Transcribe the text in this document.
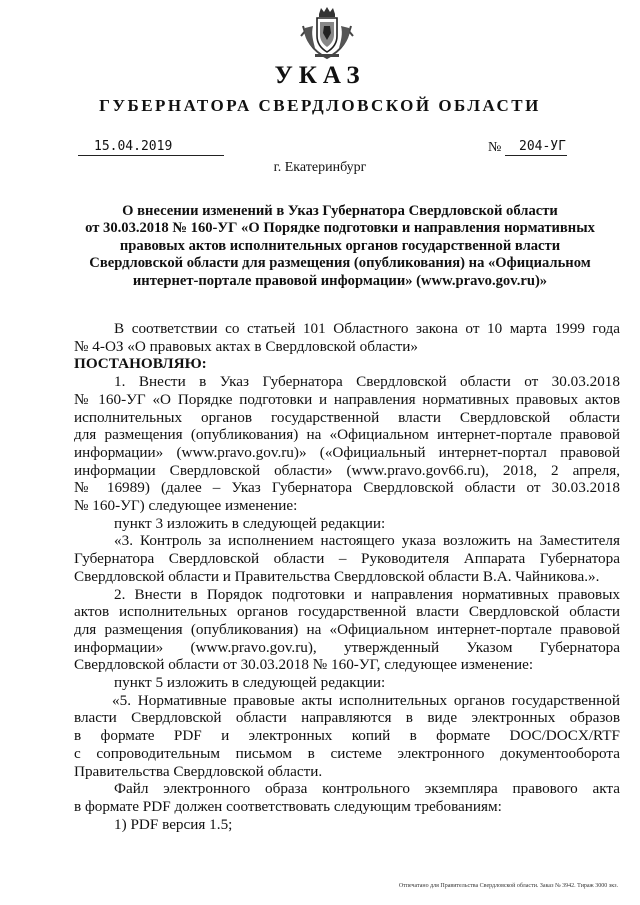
УКАЗ
ГУБЕРНАТОРА СВЕРДЛОВСКОЙ ОБЛАСТИ
15.04.2019	№	204-УГ
г. Екатеринбург
О внесении изменений в Указ Губернатора Свердловской области
от 30.03.2018 № 160-УГ «О Порядке подготовки и направления нормативных
правовых актов исполнительных органов государственной власти
Свердловской области для размещения (опубликования) на «Официальном
интернет-портале правовой информации» (www.pravo.gov.ru)»
В соответствии со статьей 101 Областного закона от 10 марта 1999 года
№ 4-ОЗ «О правовых актах в Свердловской области»
ПОСТАНОВЛЯЮ:
1. Внести в Указ Губернатора Свердловской области от 30.03.2018
№ 160-УГ «О Порядке подготовки и направления нормативных правовых актов
исполнительных органов государственной власти Свердловской области
для размещения (опубликования) на «Официальном интернет-портале правовой
информации» (www.pravo.gov.ru)» («Официальный интернет-портал правовой
информации Свердловской области» (www.pravo.gov66.ru), 2018, 2 апреля,
№ 16989) (далее – Указ Губернатора Свердловской области от 30.03.2018
№ 160-УГ) следующее изменение:
пункт 3 изложить в следующей редакции:
«3. Контроль за исполнением настоящего указа возложить на Заместителя
Губернатора Свердловской области – Руководителя Аппарата Губернатора
Свердловской области и Правительства Свердловской области В.А. Чайникова.».
2. Внести в Порядок подготовки и направления нормативных правовых
актов исполнительных органов государственной власти Свердловской области
для размещения (опубликования) на «Официальном интернет-портале правовой
информации» (www.pravo.gov.ru), утвержденный Указом Губернатора
Свердловской области от 30.03.2018 № 160-УГ, следующее изменение:
пункт 5 изложить в следующей редакции:
«5. Нормативные правовые акты исполнительных органов государственной
власти Свердловской области направляются в виде электронных образов
в формате PDF и электронных копий в формате DOC/DOCX/RTF
с сопроводительным письмом в системе электронного документооборота
Правительства Свердловской области.
Файл электронного образа контрольного экземпляра правового акта
в формате PDF должен соответствовать следующим требованиям:
1) PDF версия 1.5;
Отпечатано для Правительства Свердловской области. Заказ № 3942. Тираж 3000 экз.
